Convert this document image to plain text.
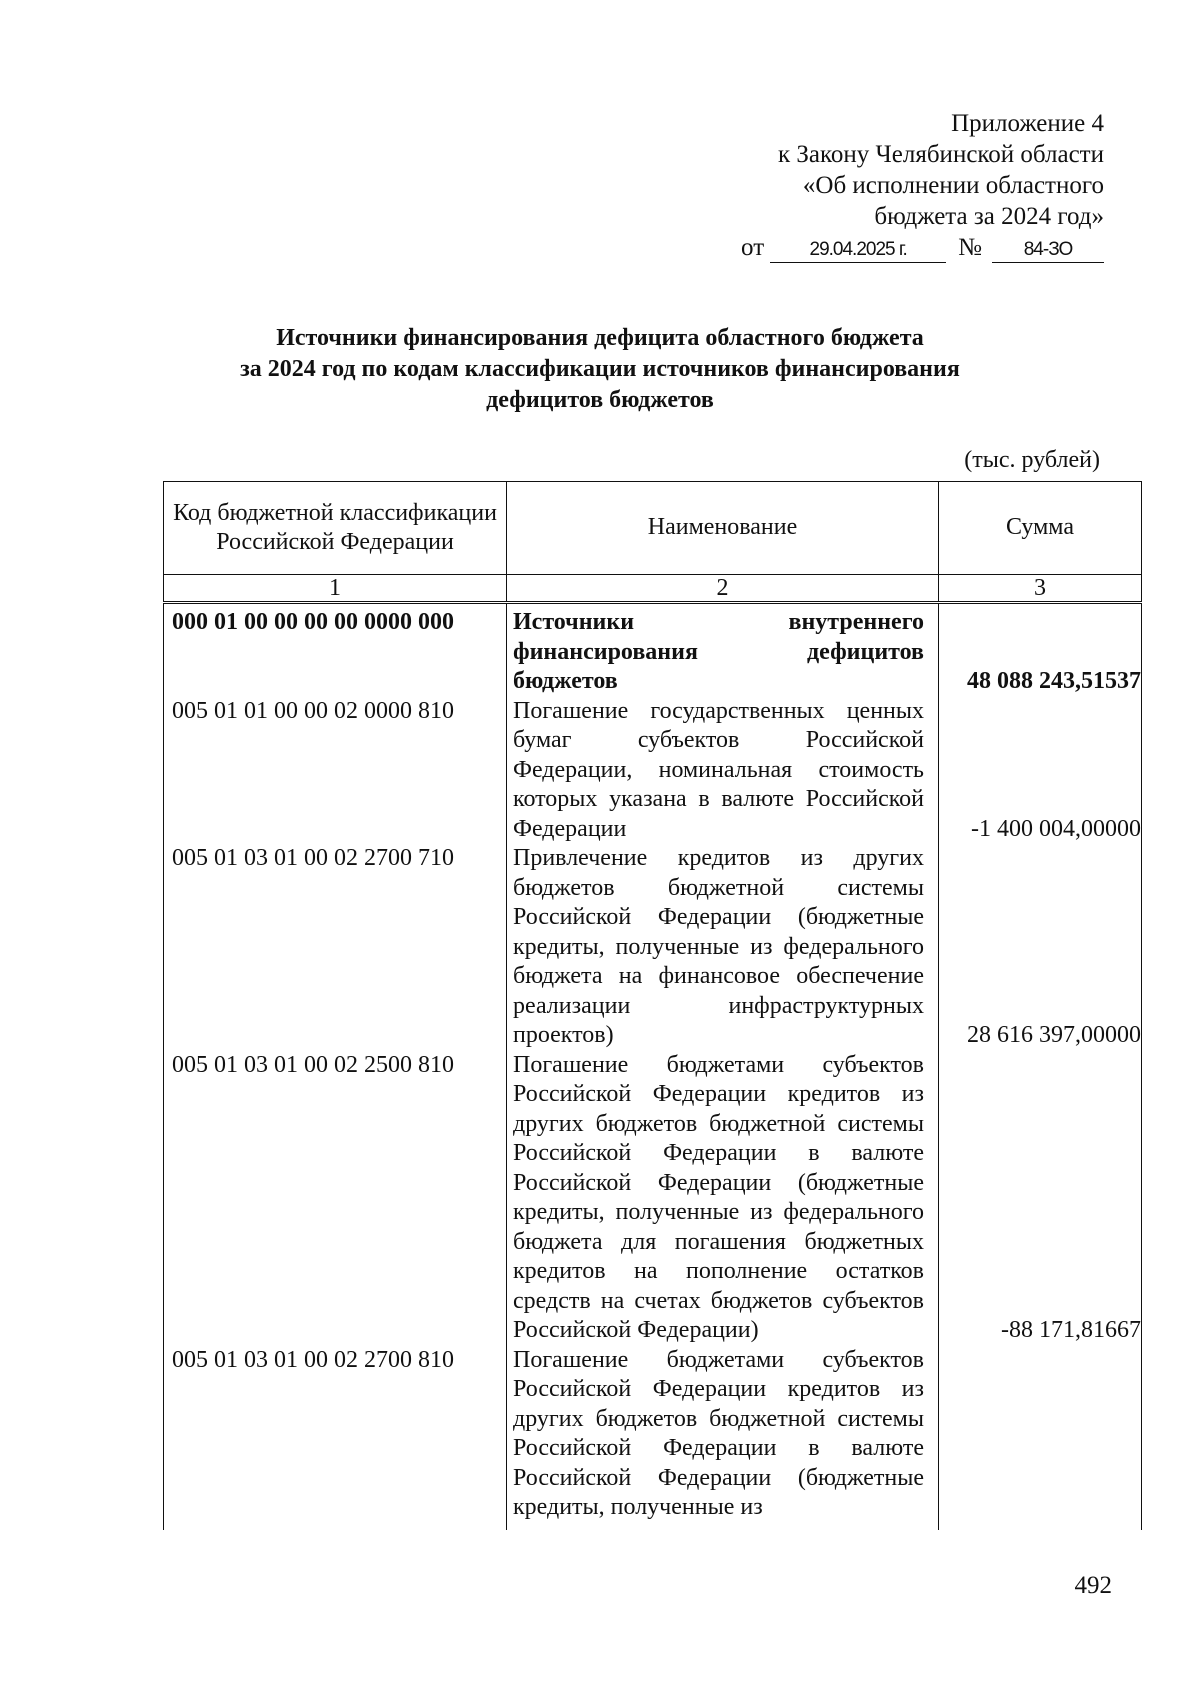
Приложение 4
к Закону Челябинской области
«Об исполнении областного
бюджета за 2024 год»
от	29.04.2025 г.	№	84-ЗО
Источники финансирования дефицита областного бюджета
за 2024 год по кодам классификации источников финансирования
дефицитов бюджетов
(тыс. рублей)
Код бюджетной классификации Российской Федерации	Наименование	Сумма
1	2	3
000 01 00 00 00 00 0000 000	Источники внутреннего финансирования дефицитов бюджетов	48 088 243,51537
005 01 01 00 00 02 0000 810	Погашение государственных ценных бумаг субъектов Российской Федерации, номинальная стоимость которых указана в валюте Российской Федерации	-1 400 004,00000
005 01 03 01 00 02 2700 710	Привлечение кредитов из других бюджетов бюджетной системы Российской Федерации (бюджетные кредиты, полученные из федерального бюджета на финансовое обеспечение реализации инфраструктурных проектов)	28 616 397,00000
005 01 03 01 00 02 2500 810	Погашение бюджетами субъектов Российской Федерации кредитов из других бюджетов бюджетной системы Российской Федерации в валюте Российской Федерации (бюджетные кредиты, полученные из федерального бюджета для погашения бюджетных кредитов на пополнение остатков средств на счетах бюджетов субъектов Российской Федерации)	-88 171,81667
005 01 03 01 00 02 2700 810	Погашение бюджетами субъектов Российской Федерации кредитов из других бюджетов бюджетной системы Российской Федерации в валюте Российской Федерации (бюджетные кредиты, полученные из	
492
